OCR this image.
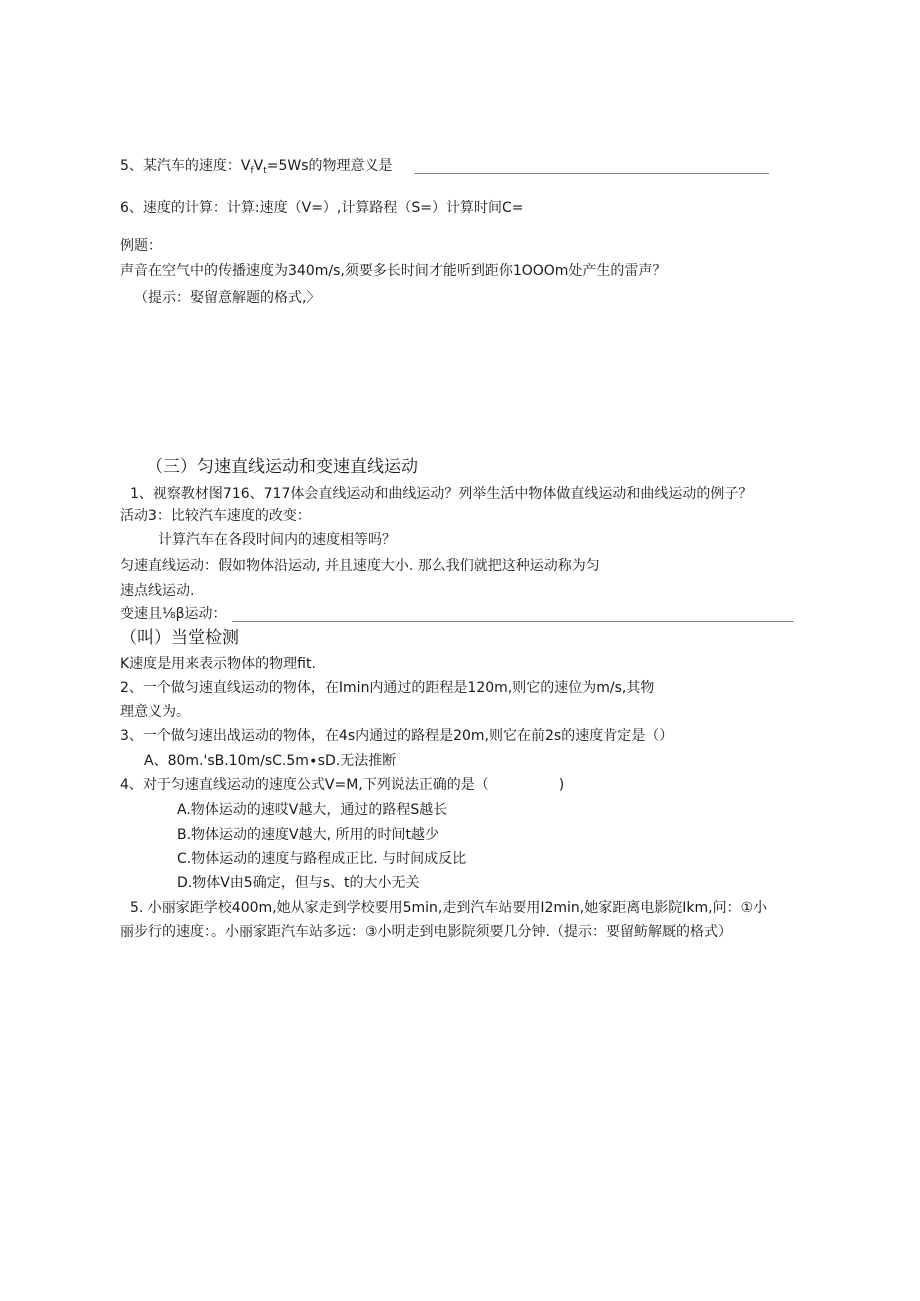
5、某汽车的速度：$V_fV_t=5Ws$的物理意义是
6、速度的计算：计算:速度（V=）,计算路程（S=）计算时间C=
例题：
声音在空气中的传播速度为340m∕s,须要多长时间才能听到距你1OOOm处产生的雷声？
（提示：娶留意解题的格式,〉
（三）匀速直线运动和变速直线运动
1、视察教材图716、717体会直线运动和曲线运动？列举生活中物体做直线运动和曲线运动的例子？
活动3：比较汽车速度的改变：
计算汽车在各段时间内的速度相等吗？
匀速直线运动：假如物体沿运动, 并且速度大小. 那么我们就把这种运动称为匀
速点线运动.
变速且⅛β运动：
（叫）当堂检测
K速度是用来表示物体的物理fit.
2、一个做匀速直线运动的物体，在Imin内通过的距程是120m,则它的速位为m/s,其物
理意义为。
3、一个做匀速出战运动的物体，在4s内通过的路程是20m,则它在前2s的速度肯定是（）
A、80m.'sB.10m∕sC.5m∙sD.无法推断
4、对于匀速直线运动的速度公式V=M,下列说法正确的是（	)
A.物体运动的速哎V越大，通过的路程S越长
B.物体运动的速度V越大, 所用的时间t越少
C.物体运动的速度与路程成正比. 与时间成反比
D.物体V由5确定，但与s、t的大小无关
5. 小丽家距学校400m,她从家走到学校要用5min,走到汽车站要用I2min,她家距离电影院Ikm,问：①小
丽步行的速度：。小丽家距汽车站多远：③小明走到电影院须要几分钟.（提示：要留鲂解厩的格式）
